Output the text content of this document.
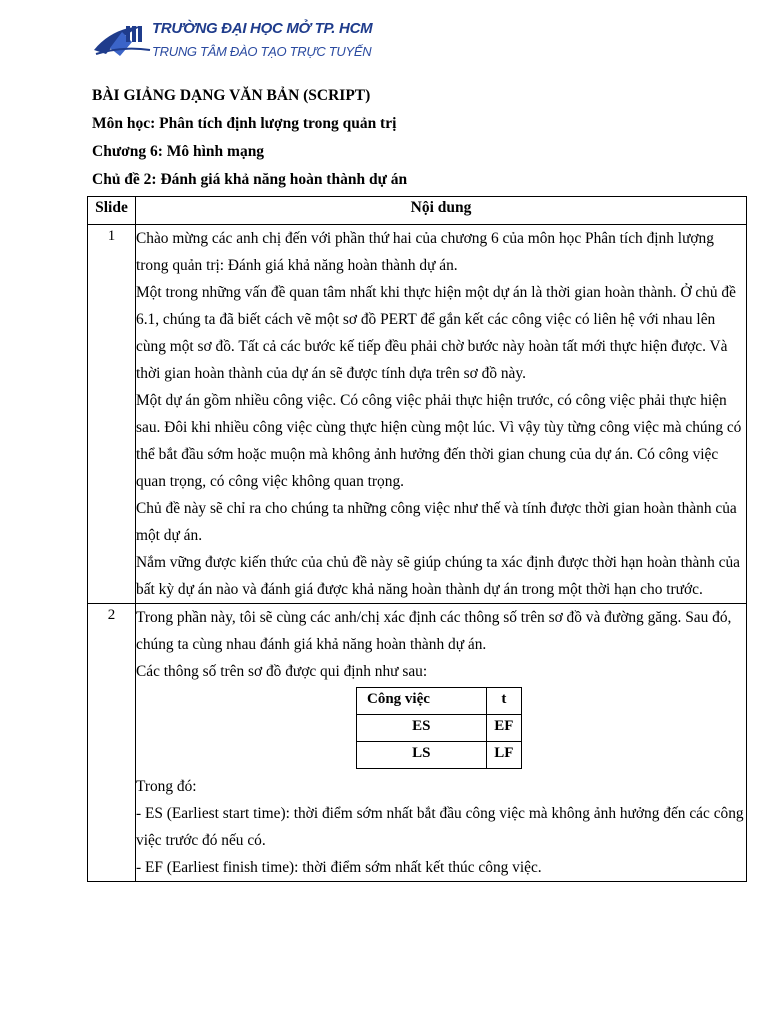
TRƯỜNG ĐẠI HỌC MỞ TP. HCM
TRUNG TÂM ĐÀO TẠO TRỰC TUYẾN

BÀI GIẢNG DẠNG VĂN BẢN (SCRIPT)

Môn học: Phân tích định lượng trong quản trị

Chương 6: Mô hình mạng

Chủ đề 2: Đánh giá khả năng hoàn thành dự án

Slide	Nội dung
1	Chào mừng các anh chị đến với phần thứ hai của chương 6 của môn học Phân tích định lượng trong quản trị: Đánh giá khả năng hoàn thành dự án.

Một trong những vấn đề quan tâm nhất khi thực hiện một dự án là thời gian hoàn thành. Ở chủ đề 6.1, chúng ta đã biết cách vẽ một sơ đồ PERT để gắn kết các công việc có liên hệ với nhau lên cùng một sơ đồ. Tất cả các bước kế tiếp đều phải chờ bước này hoàn tất mới thực hiện được. Và thời gian hoàn thành của dự án sẽ được tính dựa trên sơ đồ này.

Một dự án gồm nhiều công việc. Có công việc phải thực hiện trước, có công việc phải thực hiện sau. Đôi khi nhiều công việc cùng thực hiện cùng một lúc. Vì vậy tùy từng công việc mà chúng có thể bắt đầu sớm hoặc muộn mà không ảnh hưởng đến thời gian chung của dự án. Có công việc quan trọng, có công việc không quan trọng.

Chủ đề này sẽ chỉ ra cho chúng ta những công việc như thế và tính được thời gian hoàn thành của một dự án.

Nắm vững được kiến thức của chủ đề này sẽ giúp chúng ta xác định được thời hạn hoàn thành của bất kỳ dự án nào và đánh giá được khả năng hoàn thành dự án trong một thời hạn cho trước.

2	Trong phần này, tôi sẽ cùng các anh/chị xác định các thông số trên sơ đồ và đường găng. Sau đó, chúng ta cùng nhau đánh giá khả năng hoàn thành dự án.

Các thông số trên sơ đồ được qui định như sau:

Công việc	t
ES	EF
LS	LF

Trong đó:

- ES (Earliest start time): thời điểm sớm nhất bắt đầu công việc mà không ảnh hưởng đến các công việc trước đó nếu có.

- EF (Earliest finish time): thời điểm sớm nhất kết thúc công việc.
